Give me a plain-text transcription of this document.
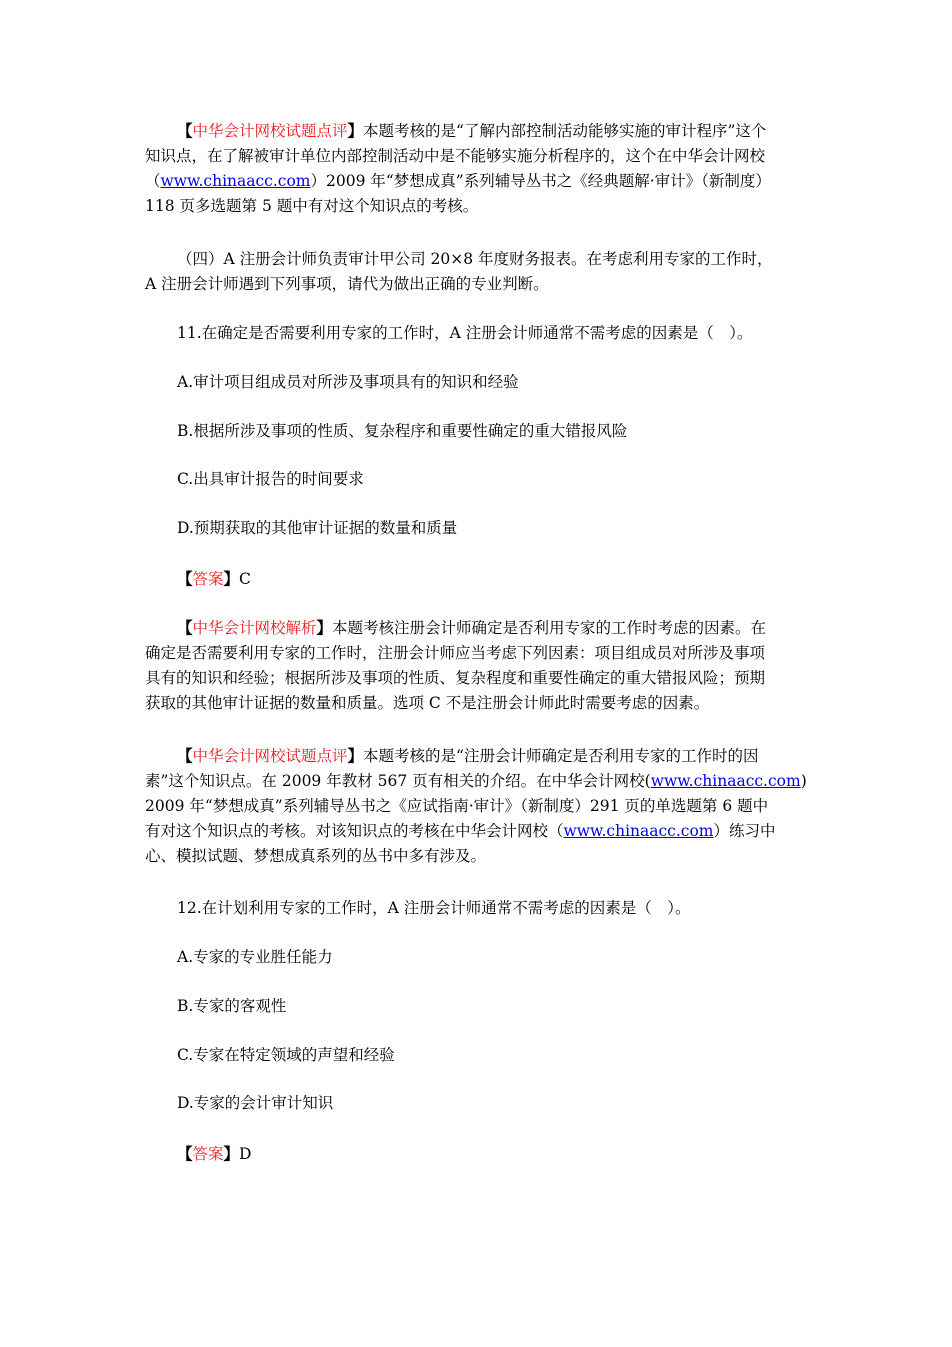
【中华会计网校试题点评】本题考核的是“了解内部控制活动能够实施的审计程序”这个
知识点，在了解被审计单位内部控制活动中是不能够实施分析程序的，这个在中华会计网校
（www.chinaacc.com）2009 年“梦想成真”系列辅导丛书之《经典题解·审计》（新制度）
118 页多选题第 5 题中有对这个知识点的考核。
（四）A 注册会计师负责审计甲公司 20×8 年度财务报表。在考虑利用专家的工作时，
A 注册会计师遇到下列事项，请代为做出正确的专业判断。

11.在确定是否需要利用专家的工作时，A 注册会计师通常不需考虑的因素是（　）。

A.审计项目组成员对所涉及事项具有的知识和经验

B.根据所涉及事项的性质、复杂程序和重要性确定的重大错报风险

C.出具审计报告的时间要求

D.预期获取的其他审计证据的数量和质量

【答案】C

【中华会计网校解析】本题考核注册会计师确定是否利用专家的工作时考虑的因素。在
确定是否需要利用专家的工作时，注册会计师应当考虑下列因素：项目组成员对所涉及事项
具有的知识和经验；根据所涉及事项的性质、复杂程度和重要性确定的重大错报风险；预期
获取的其他审计证据的数量和质量。选项 C 不是注册会计师此时需要考虑的因素。
【中华会计网校试题点评】本题考核的是“注册会计师确定是否利用专家的工作时的因
素”这个知识点。在 2009 年教材 567 页有相关的介绍。在中华会计网校(www.chinaacc.com)
2009 年“梦想成真”系列辅导丛书之《应试指南·审计》（新制度）291 页的单选题第 6 题中
有对这个知识点的考核。对该知识点的考核在中华会计网校（www.chinaacc.com）练习中
心、模拟试题、梦想成真系列的丛书中多有涉及。

12.在计划利用专家的工作时，A 注册会计师通常不需考虑的因素是（　）。

A.专家的专业胜任能力

B.专家的客观性

C.专家在特定领域的声望和经验

D.专家的会计审计知识

【答案】D
